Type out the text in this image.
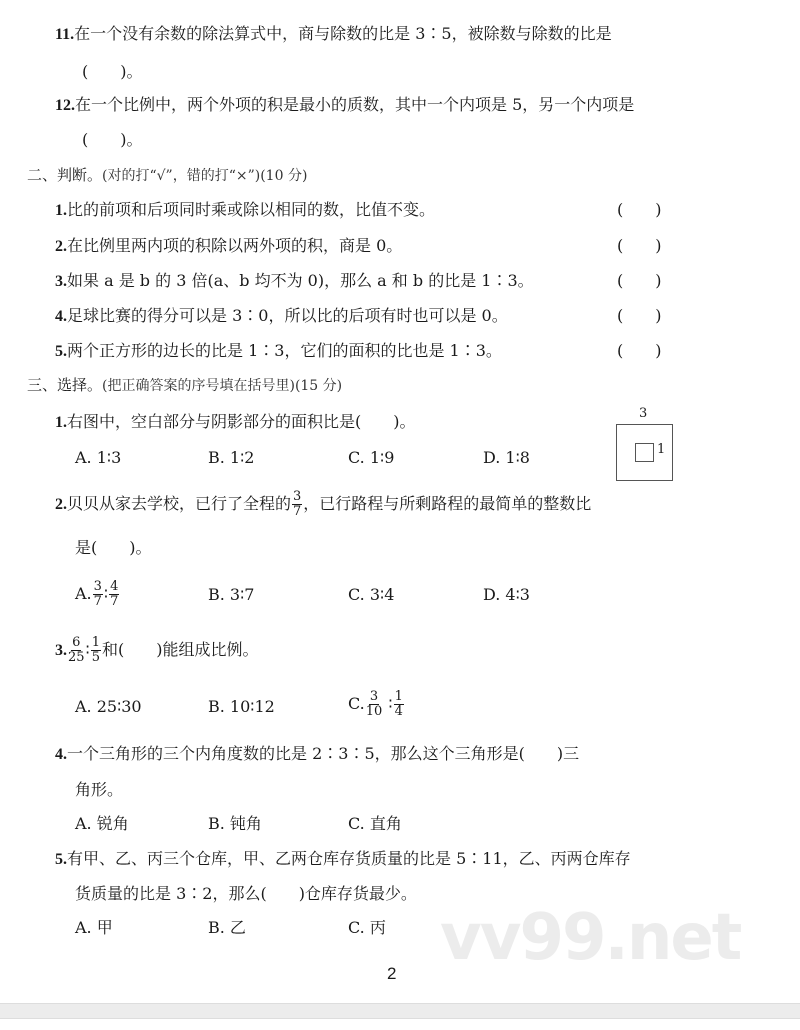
vv99.net
11.在一个没有余数的除法算式中，商与除数的比是 3∶5，被除数与除数的比是
(　　)。
12.在一个比例中，两个外项的积是最小的质数，其中一个内项是 5，另一个内项是
(　　)。
二、判断。(对的打“√”，错的打“×”)(10 分)
1.比的前项和后项同时乘或除以相同的数，比值不变。	(　　)
2.在比例里两内项的积除以两外项的积，商是 0。	(　　)
3.如果 a 是 b 的 3 倍(a、b 均不为 0)，那么 a 和 b 的比是 1∶3。	(　　)
4.足球比赛的得分可以是 3∶0，所以比的后项有时也可以是 0。	(　　)
5.两个正方形的边长的比是 1∶3，它们的面积的比也是 1∶3。	(　　)
三、选择。(把正确答案的序号填在括号里)(15 分)
1.右图中，空白部分与阴影部分的面积比是(　　)。
A. 1∶3	B. 1∶2	C. 1∶9	D. 1∶8
3
1
2.贝贝从家去学校，已行了全程的 $\frac{3}{7}$ ，已行路程与所剩路程的最简单的整数比
是(　　)。
A. $\frac{3}{7}$ ∶ $\frac{4}{7}$	B. 3∶7	C. 3∶4	D. 4∶3
3. $\frac{6}{25}$ ∶ $\frac{1}{5}$ 和(　　)能组成比例。
A. 25∶30	B. 10∶12	C. $\frac{3}{10}$ ∶ $\frac{1}{4}$
4.一个三角形的三个内角度数的比是 2∶3∶5，那么这个三角形是(　　)三
角形。
A. 锐角	B. 钝角	C. 直角
5.有甲、乙、丙三个仓库，甲、乙两仓库存货质量的比是 5∶11，乙、丙两仓库存
货质量的比是 3∶2，那么(　　)仓库存货最少。
A. 甲	B. 乙	C. 丙
2
